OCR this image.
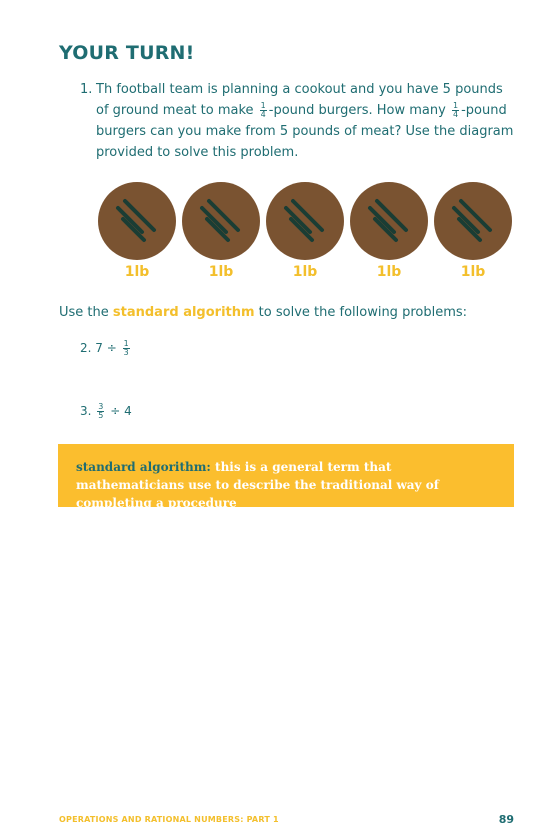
YOUR TURN!
1. Th football team is planning a cookout and you have 5 pounds
of ground meat to make $\frac{1}{4}$ -pound burgers. How many $\frac{1}{4}$ -pound
burgers can you make from 5 pounds of meat? Use the diagram
provided to solve this problem.
1lb	1lb	1lb	1lb	1lb
Use the standard algorithm to solve the following problems:
2. $7 \div \frac{1}{3}$
3. $\frac{3}{5} \div 4$
standard algorithm: this is a general term that mathematicians use to describe the traditional way of completing a procedure
OPERATIONS AND RATIONAL NUMBERS: PART 1	89
